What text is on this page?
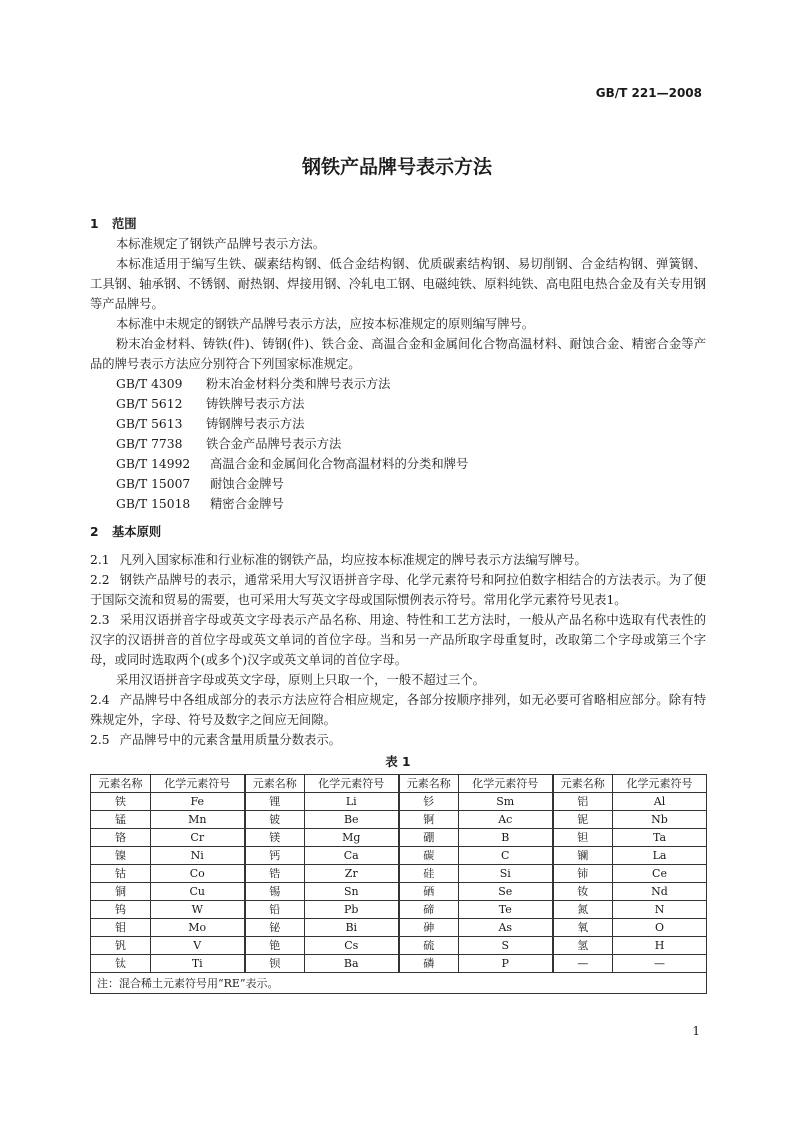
GB/T 221—2008
钢铁产品牌号表示方法

1 范围

本标准规定了钢铁产品牌号表示方法。

本标准适用于编写生铁、碳素结构钢、低合金结构钢、优质碳素结构钢、易切削钢、合金结构钢、弹簧钢、工具钢、轴承钢、不锈钢、耐热钢、焊接用钢、冷轧电工钢、电磁纯铁、原料纯铁、高电阻电热合金及有关专用钢等产品牌号。

本标准中未规定的钢铁产品牌号表示方法，应按本标准规定的原则编写牌号。

粉末冶金材料、铸铁(件)、铸钢(件)、铁合金、高温合金和金属间化合物高温材料、耐蚀合金、精密合金等产品的牌号表示方法应分别符合下列国家标准规定。

GB/T 4309 粉末冶金材料分类和牌号表示方法

GB/T 5612 铸铁牌号表示方法

GB/T 5613 铸钢牌号表示方法

GB/T 7738 铁合金产品牌号表示方法

GB/T 14992 高温合金和金属间化合物高温材料的分类和牌号

GB/T 15007 耐蚀合金牌号

GB/T 15018 精密合金牌号

2 基本原则

2.1 凡列入国家标准和行业标准的钢铁产品，均应按本标准规定的牌号表示方法编写牌号。

2.2 钢铁产品牌号的表示，通常采用大写汉语拼音字母、化学元素符号和阿拉伯数字相结合的方法表示。为了便于国际交流和贸易的需要，也可采用大写英文字母或国际惯例表示符号。常用化学元素符号见表1。

2.3 采用汉语拼音字母或英文字母表示产品名称、用途、特性和工艺方法时，一般从产品名称中选取有代表性的汉字的汉语拼音的首位字母或英文单词的首位字母。当和另一产品所取字母重复时，改取第二个字母或第三个字母，或同时选取两个(或多个)汉字或英文单词的首位字母。

采用汉语拼音字母或英文字母，原则上只取一个，一般不超过三个。

2.4 产品牌号中各组成部分的表示方法应符合相应规定，各部分按顺序排列，如无必要可省略相应部分。除有特殊规定外，字母、符号及数字之间应无间隙。

2.5 产品牌号中的元素含量用质量分数表示。

表 1
元素名称	化学元素符号	元素名称	化学元素符号	元素名称	化学元素符号	元素名称	化学元素符号
铁	Fe	锂	Li	钐	Sm	铝	Al
锰	Mn	铍	Be	锕	Ac	铌	Nb
铬	Cr	镁	Mg	硼	B	钽	Ta
镍	Ni	钙	Ca	碳	C	镧	La
钴	Co	锆	Zr	硅	Si	铈	Ce
铜	Cu	锡	Sn	硒	Se	钕	Nd
钨	W	铅	Pb	碲	Te	氮	N
钼	Mo	铋	Bi	砷	As	氧	O
钒	V	铯	Cs	硫	S	氢	H
钛	Ti	钡	Ba	磷	P	—	—
注：混合稀土元素符号用“RE”表示。							
1
